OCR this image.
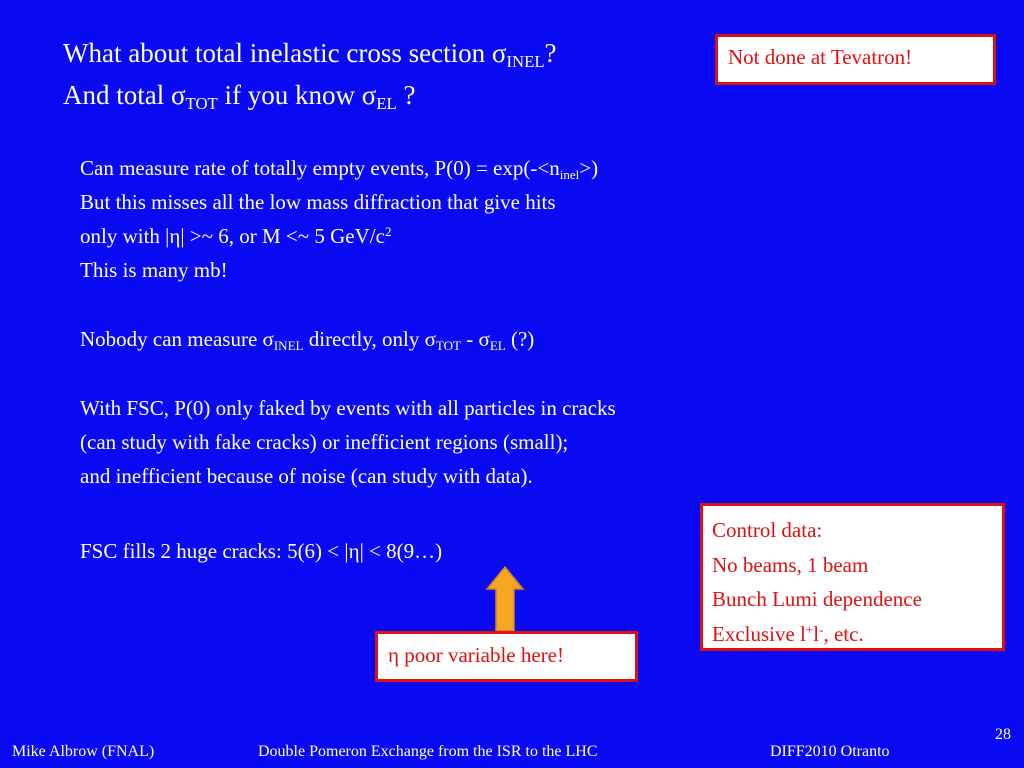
What about total inelastic cross section $\sigma_{INEL}$?
And total $\sigma_{TOT}$ if you know $\sigma_{EL}$ ?
Not done at Tevatron!
Can measure rate of totally empty events, $P(0) = \exp(-<n_{inel}>)$
But this misses all the low mass diffraction that give hits
only with |η| >~ 6, or M <~ 5 GeV/$c^2$
This is many mb!
Nobody can measure $\sigma_{INEL}$ directly, only $\sigma_{TOT} - \sigma_{EL}$ (?)
With FSC, P(0) only faked by events with all particles in cracks
(can study with fake cracks) or inefficient regions (small);
and inefficient because of noise (can study with data).
FSC fills 2 huge cracks: 5(6) < |η| < 8(9…)
Control data:
No beams, 1 beam
Bunch Lumi dependence
Exclusive l+l-, etc.
η poor variable here!
28
Mike Albrow (FNAL)	Double Pomeron Exchange from the ISR to the LHC	DIFF2010 Otranto
